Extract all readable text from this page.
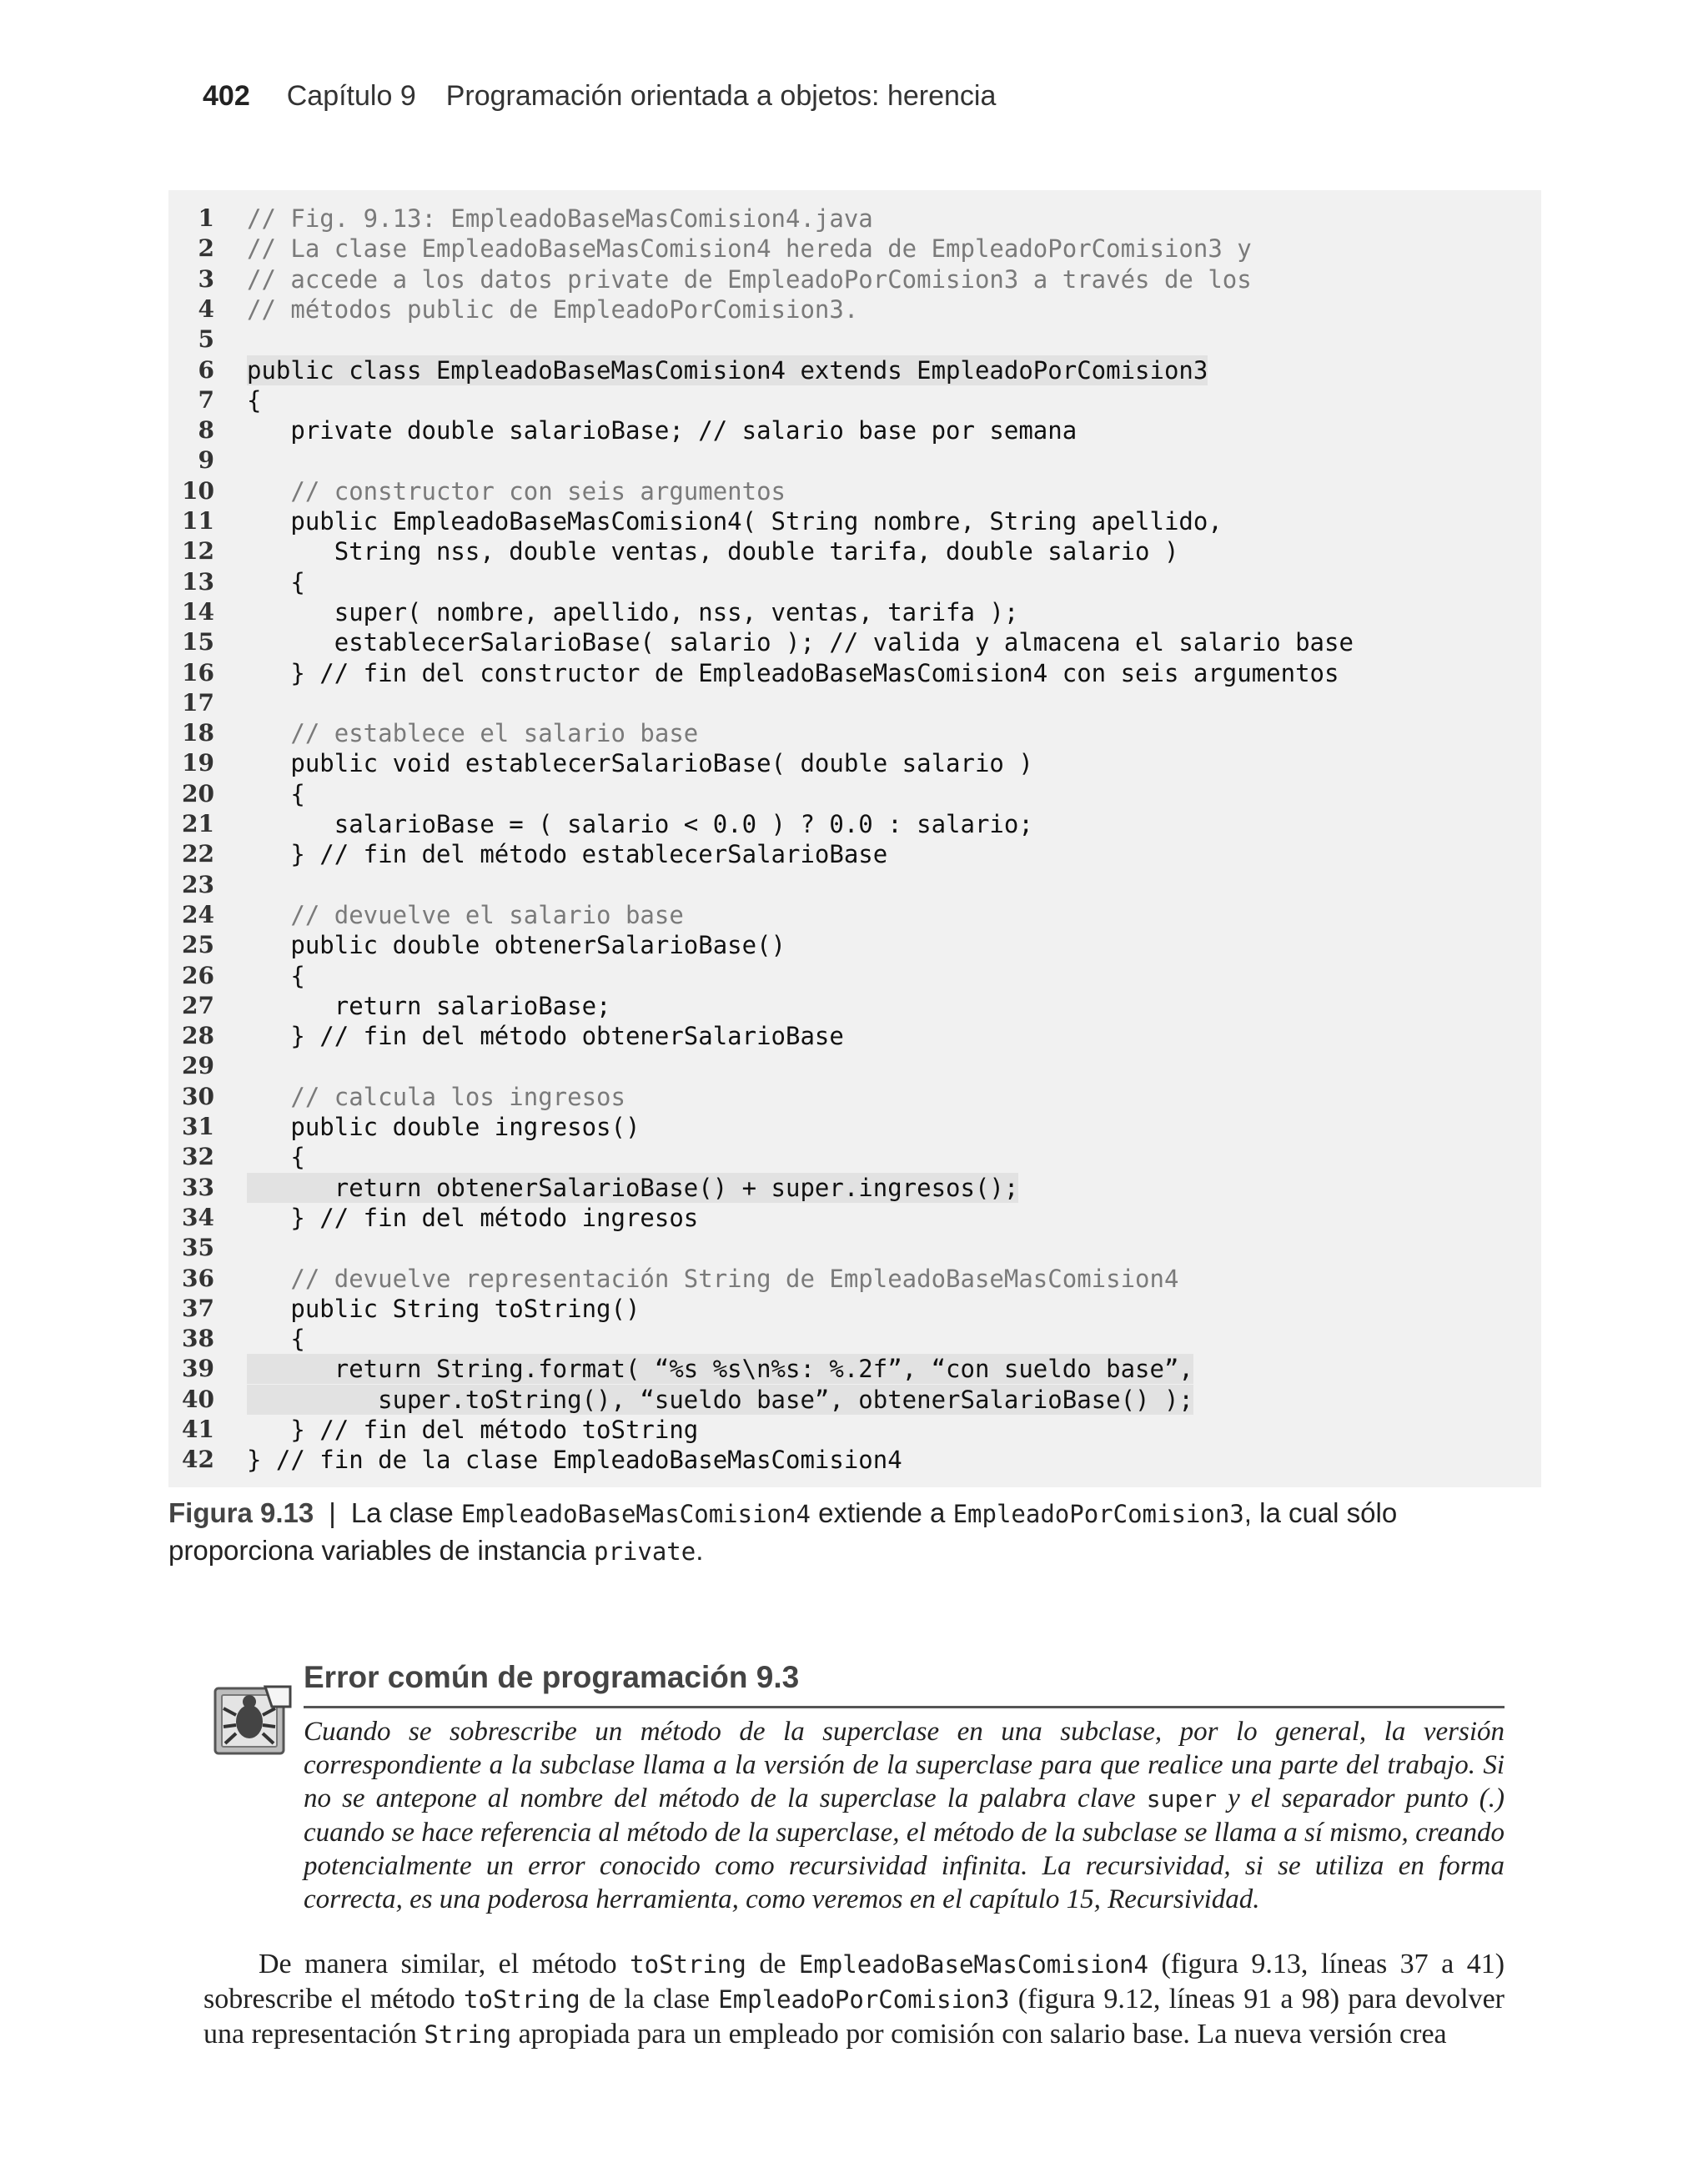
402 Capítulo 9 Programación orientada a objetos: herencia
1 // Fig. 9.13: EmpleadoBaseMasComision4.java
2 // La clase EmpleadoBaseMasComision4 hereda de EmpleadoPorComision3 y
3 // accede a los datos private de EmpleadoPorComision3 a través de los
4 // métodos public de EmpleadoPorComision3.
5
6 public class EmpleadoBaseMasComision4 extends EmpleadoPorComision3
7 {
8 private double salarioBase; // salario base por semana
9
10 // constructor con seis argumentos
11 public EmpleadoBaseMasComision4( String nombre, String apellido,
12 String nss, double ventas, double tarifa, double salario )
13 {
14 super( nombre, apellido, nss, ventas, tarifa );
15 establecerSalarioBase( salario ); // valida y almacena el salario base
16 } // fin del constructor de EmpleadoBaseMasComision4 con seis argumentos
17
18 // establece el salario base
19 public void establecerSalarioBase( double salario )
20 {
21 salarioBase = ( salario < 0.0 ) ? 0.0 : salario;
22 } // fin del método establecerSalarioBase
23
24 // devuelve el salario base
25 public double obtenerSalarioBase()
26 {
27 return salarioBase;
28 } // fin del método obtenerSalarioBase
29
30 // calcula los ingresos
31 public double ingresos()
32 {
33 return obtenerSalarioBase() + super.ingresos();
34 } // fin del método ingresos
35
36 // devuelve representación String de EmpleadoBaseMasComision4
37 public String toString()
38 {
39 return String.format( “%s %s\n%s: %.2f”, “con sueldo base”,
40 super.toString(), “sueldo base”, obtenerSalarioBase() );
41 } // fin del método toString
42 } // fin de la clase EmpleadoBaseMasComision4
Figura 9.13 | La clase EmpleadoBaseMasComision4 extiende a EmpleadoPorComision3, la cual sólo proporciona variables de instancia private.
Error común de programación 9.3
Cuando se sobrescribe un método de la superclase en una subclase, por lo general, la versión correspondiente a la subclase llama a la versión de la superclase para que realice una parte del trabajo. Si no se antepone al nombre del método de la superclase la palabra clave super y el separador punto (.) cuando se hace referencia al método de la superclase, el método de la subclase se llama a sí mismo, creando potencialmente un error conocido como recursividad infinita. La recursividad, si se utiliza en forma correcta, es una poderosa herramienta, como veremos en el capítulo 15, Recursividad.
De manera similar, el método toString de EmpleadoBaseMasComision4 (figura 9.13, líneas 37 a 41) sobrescribe el método toString de la clase EmpleadoPorComision3 (figura 9.12, líneas 91 a 98) para devolver una representación String apropiada para un empleado por comisión con salario base. La nueva versión crea
